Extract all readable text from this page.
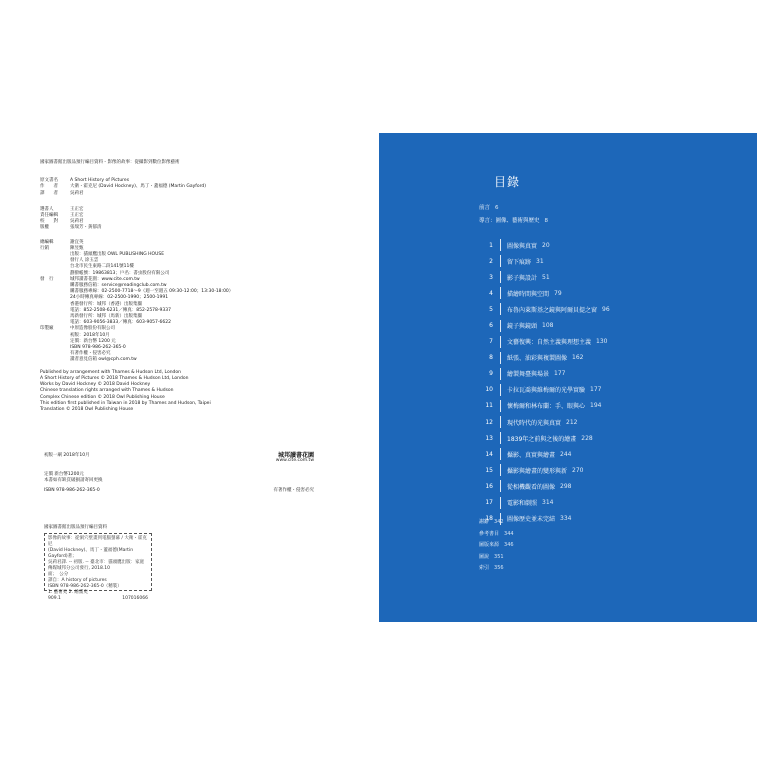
國家圖書館出版品預行編目資料 - 影像的故事：從攝影到數位影像藝術
原文書名	A Short History of Pictures
作　　者	大衛・霍克尼 (David Hockney)、馬丁・蓋福德 (Martin Gayford)
譯　　者	吳莉君
選書人	王正宏
責任編輯	王正宏
校　　對	吳莉君
版權	張瑞芳・黃郁清
總編輯	謝宜英
行銷	陳昱甄
出版：貓頭鷹出版 OWL PUBLISHING HOUSE
發行人 涂玉雲
台北市民生東路二段141號11樓
劃撥帳號：19863813；戶名：書虫股份有限公司
發　行	城邦讀書花園：www.cite.com.tw
購書服務信箱：service@readingclub.com.tw
購書服務專線：02-2500-7718～9（週一至週五 09:30-12:00；13:30-18:00）
24小時傳真專線：02-2500-1990；2500-1991
香港發行所：城邦（香港）出版集團
電話：852-2508-6231／傳真：852-2578-9337
馬新發行所：城邦（馬新）出版集團
電話：603-9056-3833／傳真：603-9057-6622
印製廠	中原造像股份有限公司
初版：2018年10月
定價：新台幣 1200 元
ISBN 978-986-262-365-0
有著作權・侵害必究
讀者意見信箱 owl@cph.com.tw
Published by arrangement with Thames & Hudson Ltd, London
A Short History of Pictures © 2018 Thames & Hudson Ltd, London
Works by David Hockney © 2018 David Hockney
Chinese translation rights arranged with Thames & Hudson
Complex Chinese edition © 2018 Owl Publishing House
This edition first published in Taiwan in 2018 by Thames and Hudson, Taipei
Translation © 2018 Owl Publishing House
初版一刷 2018年10月	城邦讀書花園
www.cite.com.tw
定價 新台幣1200元
本書如有缺頁破損請寄回更換
ISBN 978-986-262-365-0	有著作權・侵害必究
國家圖書館出版品預行編目資料
影像的故事：從洞穴壁畫到電腦螢幕 / 大衛・霍克尼
(David Hockney)、馬丁・蓋福德(Martin Gayford)著；
吳莉君譯. -- 初版. -- 臺北市：貓頭鷹出版：家庭傳媒城邦分公司發行, 2018.10
面；　公分
譯自：A history of pictures
ISBN 978-986-262-365-0（精裝）
1. 藝術史 2. 繪畫史
909.1	107016066
目錄
前言 6
導言：圖像、藝術與歷史 8
1 圖像與真實 20
2 留下痕跡 31
3 影子與設計 51
4 描繪時間與空間 79
5 布魯內萊斯基之鏡與阿爾貝提之窗 96
6 鏡子與鏡頭 108
7 文藝復興：自然主義與理想主義 130
8 紙張、油彩與複製圖像 162
9 繪製舞臺與場景 177
10 卡拉瓦喬與維梅爾的光學實驗 177
11 懷梅爾和林布蘭：手、眼與心 194
12 現代時代的光與真實 212
13 1839年之前與之後的繪畫 228
14 攝影、真實與繪畫 244
15 攝影與繪畫的變形與新 270
16 從相機觀看的圖像 298
17 電影和劇照 314
18 圖像歷史並未完結 334
謝辭 342
參考書目 344
圖版來源 346
圖說 351
索引 356
